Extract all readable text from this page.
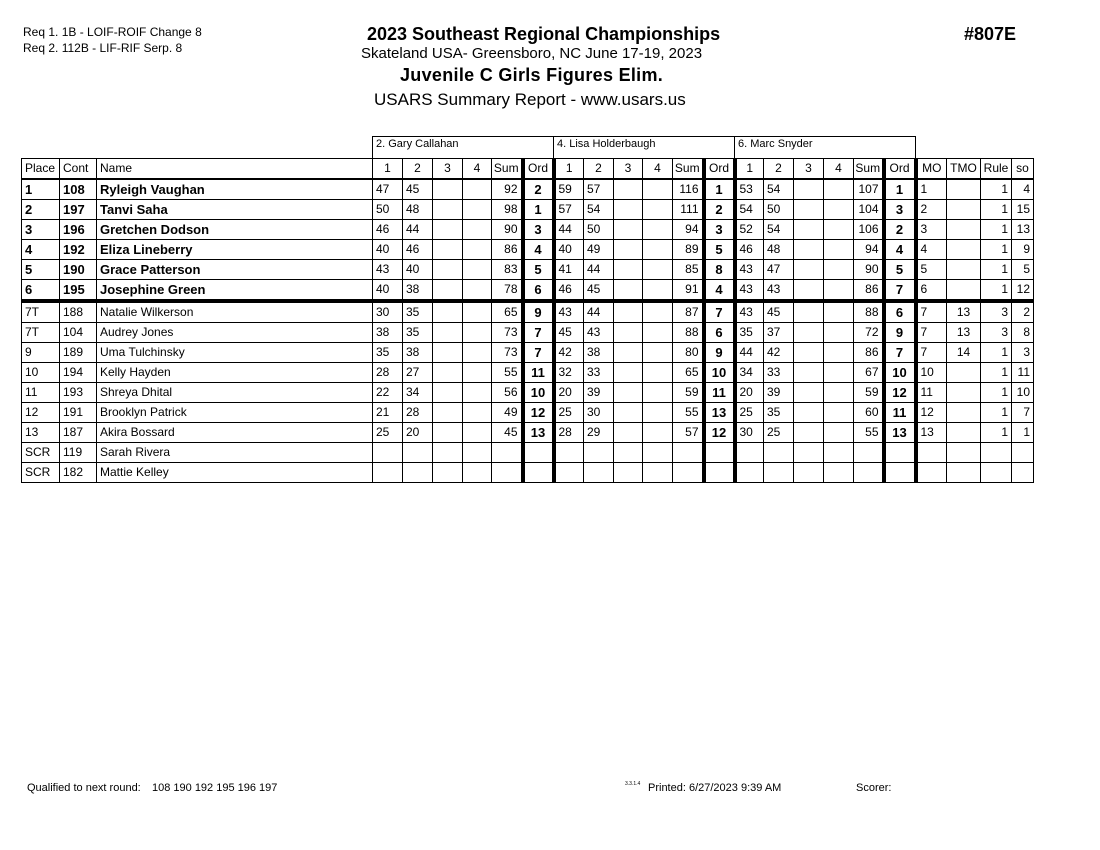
Req 1. 1B - LOIF-ROIF Change 8
Req 2. 112B - LIF-RIF Serp. 8
2023 Southeast Regional Championships
Skateland USA- Greensboro, NC June 17-19, 2023
Juvenile C Girls Figures Elim.
USARS Summary Report - www.usars.us
#807E
			2. Gary Callahan						4. Lisa Holderbaugh						6. Marc Snyder									
Place	Cont	Name	1	2	3	4	Sum	Ord	1	2	3	4	Sum	Ord	1	2	3	4	Sum	Ord	MO	TMO	Rule	so
1	108	Ryleigh Vaughan	47	45			92	2	59	57			116	1	53	54			107	1	1		1	4
2	197	Tanvi Saha	50	48			98	1	57	54			111	2	54	50			104	3	2		1	15
3	196	Gretchen Dodson	46	44			90	3	44	50			94	3	52	54			106	2	3		1	13
4	192	Eliza Lineberry	40	46			86	4	40	49			89	5	46	48			94	4	4		1	9
5	190	Grace Patterson	43	40			83	5	41	44			85	8	43	47			90	5	5		1	5
6	195	Josephine Green	40	38			78	6	46	45			91	4	43	43			86	7	6		1	12
7T	188	Natalie Wilkerson	30	35			65	9	43	44			87	7	43	45			88	6	7	13	3	2
7T	104	Audrey Jones	38	35			73	7	45	43			88	6	35	37			72	9	7	13	3	8
9	189	Uma Tulchinsky	35	38			73	7	42	38			80	9	44	42			86	7	7	14	1	3
10	194	Kelly Hayden	28	27			55	11	32	33			65	10	34	33			67	10	10		1	11
11	193	Shreya Dhital	22	34			56	10	20	39			59	11	20	39			59	12	11		1	10
12	191	Brooklyn Patrick	21	28			49	12	25	30			55	13	25	35			60	11	12		1	7
13	187	Akira Bossard	25	20			45	13	28	29			57	12	30	25			55	13	13		1	1
SCR	119	Sarah Rivera																						
SCR	182	Mattie Kelley																						
Qualified to next round: 108 190 192 195 196 197	3.3.1.4 Printed: 6/27/2023 9:39 AM	Scorer:
